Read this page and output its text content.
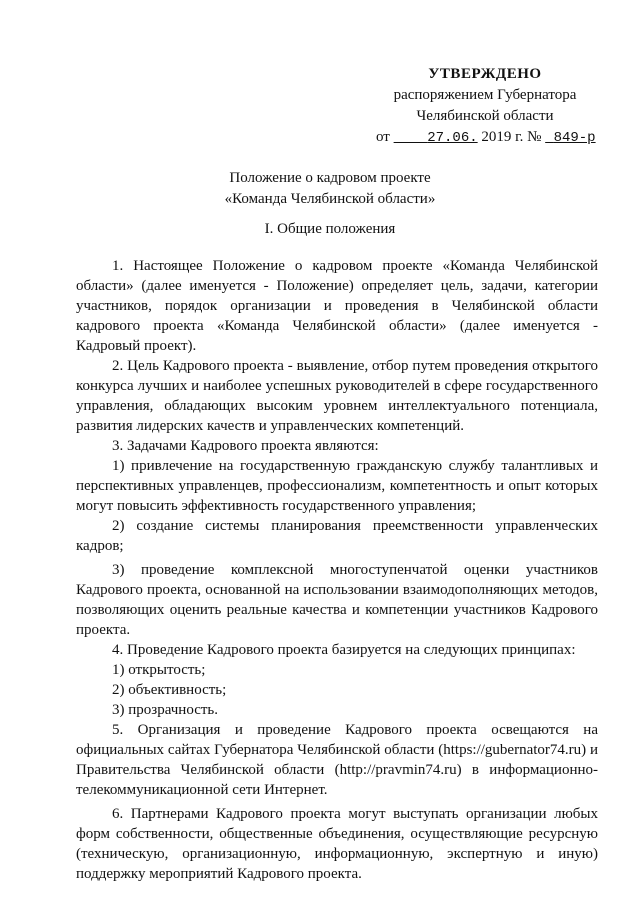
УТВЕРЖДЕНО
распоряжением Губернатора
Челябинской области
от	27.06. 2019 г. № 849-р
Положение о кадровом проекте
«Команда Челябинской области»
I. Общие положения

1. Настоящее Положение о кадровом проекте «Команда Челябинской области» (далее именуется - Положение) определяет цель, задачи, категории участников, порядок организации и проведения в Челябинской области кадрового проекта «Команда Челябинской области» (далее именуется - Кадровый проект).

2. Цель Кадрового проекта - выявление, отбор путем проведения открытого конкурса лучших и наиболее успешных руководителей в сфере государственного управления, обладающих высоким уровнем интеллектуального потенциала, развития лидерских качеств и управленческих компетенций.

3. Задачами Кадрового проекта являются:

1) привлечение на государственную гражданскую службу талантливых и перспективных управленцев, профессионализм, компетентность и опыт которых могут повысить эффективность государственного управления;

2) создание системы планирования преемственности управленческих кадров;

3) проведение комплексной многоступенчатой оценки участников Кадрового проекта, основанной на использовании взаимодополняющих методов, позволяющих оценить реальные качества и компетенции участников Кадрового проекта.

4. Проведение Кадрового проекта базируется на следующих принципах:

1) открытость;

2) объективность;

3) прозрачность.

5. Организация и проведение Кадрового проекта освещаются на официальных сайтах Губернатора Челябинской области (https://gubernator74.ru) и Правительства Челябинской области (http://pravmin74.ru) в информационно-телекоммуникационной сети Интернет.

6. Партнерами Кадрового проекта могут выступать организации любых форм собственности, общественные объединения, осуществляющие ресурсную (техническую, организационную, информационную, экспертную и иную) поддержку мероприятий Кадрового проекта.
